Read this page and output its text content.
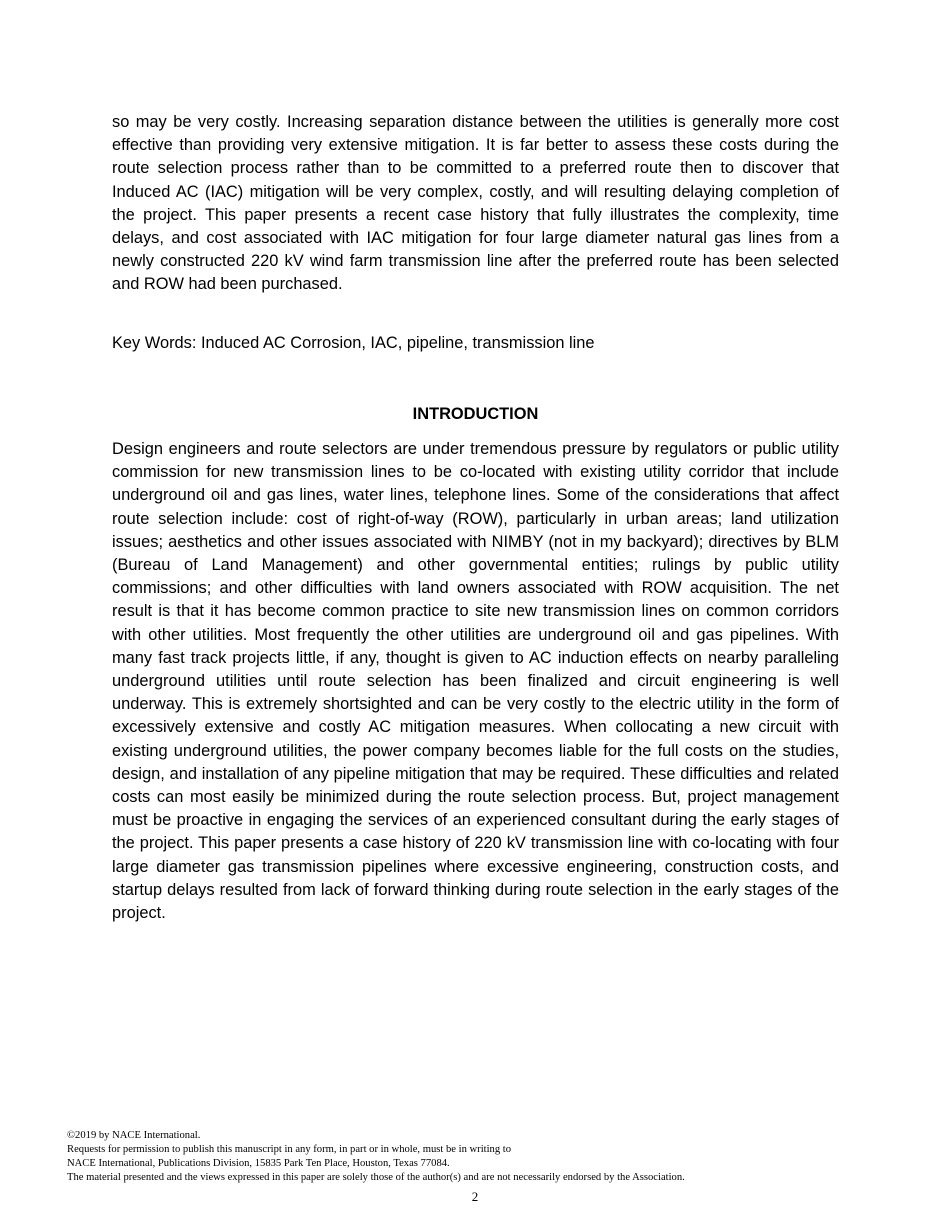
so may be very costly. Increasing separation distance between the utilities is generally more cost effective than providing very extensive mitigation. It is far better to assess these costs during the route selection process rather than to be committed to a preferred route then to discover that Induced AC (IAC) mitigation will be very complex, costly, and will resulting delaying completion of the project. This paper presents a recent case history that fully illustrates the complexity, time delays, and cost associated with IAC mitigation for four large diameter natural gas lines from a newly constructed 220 kV wind farm transmission line after the preferred route has been selected and ROW had been purchased.

Key Words: Induced AC Corrosion, IAC, pipeline, transmission line

INTRODUCTION

Design engineers and route selectors are under tremendous pressure by regulators or public utility commission for new transmission lines to be co-located with existing utility corridor that include underground oil and gas lines, water lines, telephone lines. Some of the considerations that affect route selection include: cost of right-of-way (ROW), particularly in urban areas; land utilization issues; aesthetics and other issues associated with NIMBY (not in my backyard); directives by BLM (Bureau of Land Management) and other governmental entities; rulings by public utility commissions; and other difficulties with land owners associated with ROW acquisition. The net result is that it has become common practice to site new transmission lines on common corridors with other utilities. Most frequently the other utilities are underground oil and gas pipelines. With many fast track projects little, if any, thought is given to AC induction effects on nearby paralleling underground utilities until route selection has been finalized and circuit engineering is well underway. This is extremely shortsighted and can be very costly to the electric utility in the form of excessively extensive and costly AC mitigation measures. When collocating a new circuit with existing underground utilities, the power company becomes liable for the full costs on the studies, design, and installation of any pipeline mitigation that may be required. These difficulties and related costs can most easily be minimized during the route selection process. But, project management must be proactive in engaging the services of an experienced consultant during the early stages of the project. This paper presents a case history of 220 kV transmission line with co-locating with four large diameter gas transmission pipelines where excessive engineering, construction costs, and startup delays resulted from lack of forward thinking during route selection in the early stages of the project.

©2019 by NACE International.
Requests for permission to publish this manuscript in any form, in part or in whole, must be in writing to
NACE International, Publications Division, 15835 Park Ten Place, Houston, Texas 77084.
The material presented and the views expressed in this paper are solely those of the author(s) and are not necessarily endorsed by the Association.
2
